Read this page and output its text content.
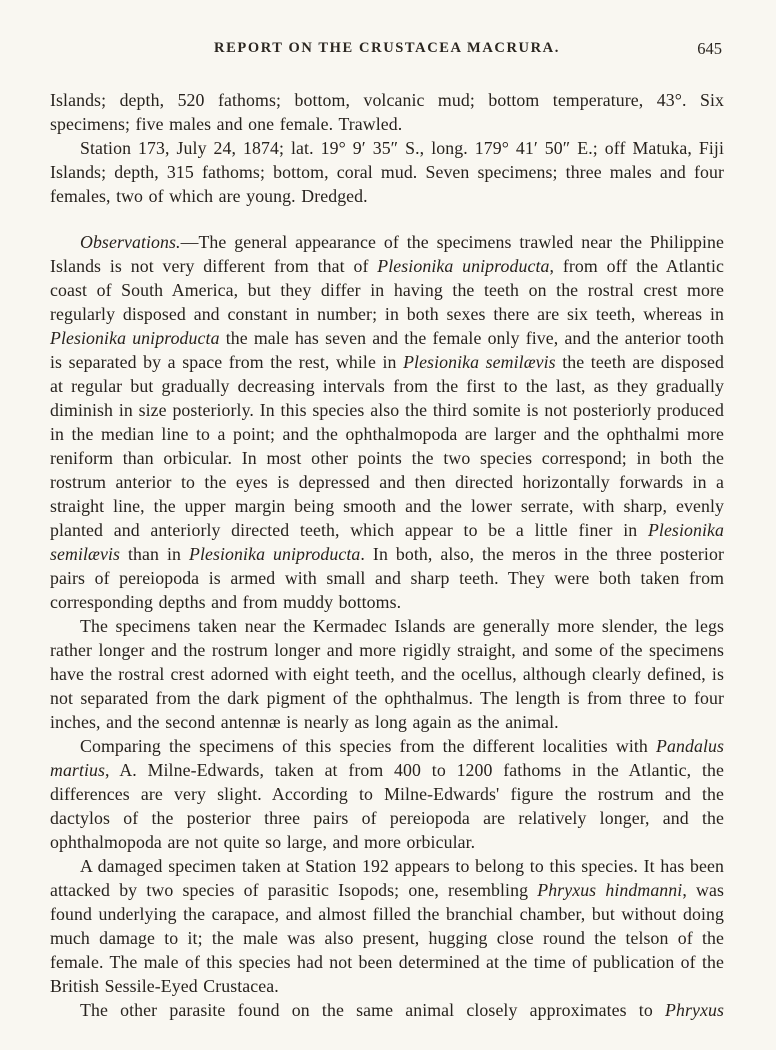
REPORT ON THE CRUSTACEA MACRURA.	645

Islands; depth, 520 fathoms; bottom, volcanic mud; bottom temperature, 43°. Six specimens; five males and one female. Trawled.

Station 173, July 24, 1874; lat. 19° 9′ 35″ S., long. 179° 41′ 50″ E.; off Matuka, Fiji Islands; depth, 315 fathoms; bottom, coral mud. Seven specimens; three males and four females, two of which are young. Dredged.

Observations.—The general appearance of the specimens trawled near the Philippine Islands is not very different from that of Plesionika uniproducta, from off the Atlantic coast of South America, but they differ in having the teeth on the rostral crest more regularly disposed and constant in number; in both sexes there are six teeth, whereas in Plesionika uniproducta the male has seven and the female only five, and the anterior tooth is separated by a space from the rest, while in Plesionika semilævis the teeth are disposed at regular but gradually decreasing intervals from the first to the last, as they gradually diminish in size posteriorly. In this species also the third somite is not posteriorly produced in the median line to a point; and the ophthalmopoda are larger and the ophthalmi more reniform than orbicular. In most other points the two species correspond; in both the rostrum anterior to the eyes is depressed and then directed horizontally forwards in a straight line, the upper margin being smooth and the lower serrate, with sharp, evenly planted and anteriorly directed teeth, which appear to be a little finer in Plesionika semilævis than in Plesionika uniproducta. In both, also, the meros in the three posterior pairs of pereiopoda is armed with small and sharp teeth. They were both taken from corresponding depths and from muddy bottoms.

The specimens taken near the Kermadec Islands are generally more slender, the legs rather longer and the rostrum longer and more rigidly straight, and some of the specimens have the rostral crest adorned with eight teeth, and the ocellus, although clearly defined, is not separated from the dark pigment of the ophthalmus. The length is from three to four inches, and the second antennæ is nearly as long again as the animal.

Comparing the specimens of this species from the different localities with Pandalus martius, A. Milne-Edwards, taken at from 400 to 1200 fathoms in the Atlantic, the differences are very slight. According to Milne-Edwards' figure the rostrum and the dactylos of the posterior three pairs of pereiopoda are relatively longer, and the ophthalmopoda are not quite so large, and more orbicular.

A damaged specimen taken at Station 192 appears to belong to this species. It has been attacked by two species of parasitic Isopods; one, resembling Phryxus hindmanni, was found underlying the carapace, and almost filled the branchial chamber, but without doing much damage to it; the male was also present, hugging close round the telson of the female. The male of this species had not been determined at the time of publication of the British Sessile-Eyed Crustacea.

The other parasite found on the same animal closely approximates to Phryxus
